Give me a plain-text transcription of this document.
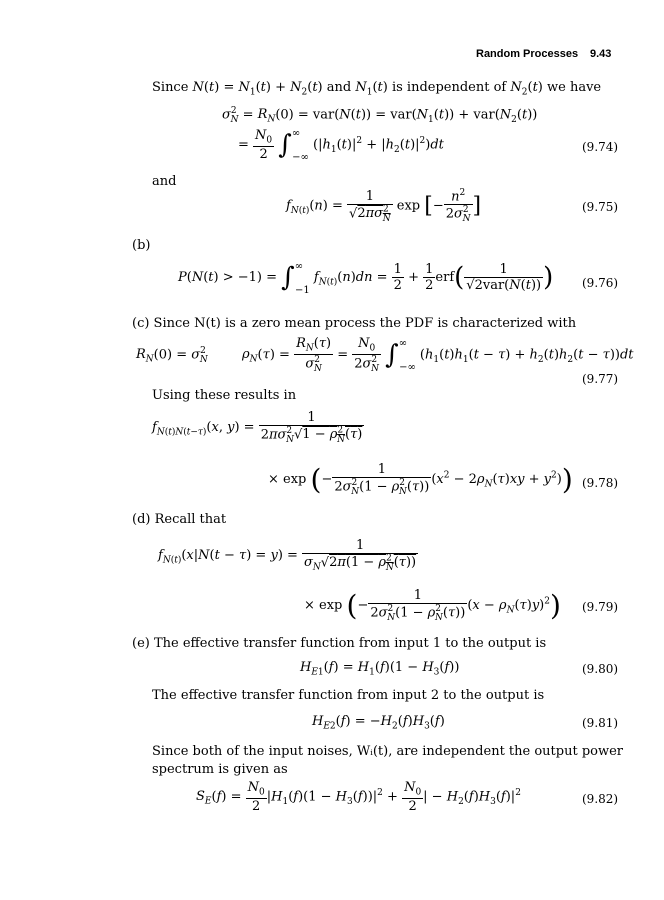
Random Processes 9.43
Since $N(t) = N_1(t) + N_2(t)$ and $N_1(t)$ is independent of $N_2(t)$ we have
$\sigma^2_N = R_N(0) = var(N(t)) = var(N_1(t)) + var(N_2(t))$
= $\frac{N_0}{2} \int^\infty_{-\infty}$ $(|h_1(t)|^2 + |h_2(t)|^2)dt$	(9.74)
and
$f_{N(t)}(n) = \frac{1}{√2\pi\sigma^2_N}$ exp [− $\frac{n^2}{2\sigma^2_N}$ ]	(9.75)
(b)
$P(N(t) > -1) = \int^\infty_{-1}$ $f_{N(t)}(n)dn = \frac{1}{2} + \frac{1}{2} erf( \frac{1}{\text{√2var(N(t))}}$ ) (9.76)
(c) Since N(t) is a zero mean process the PDF is characterized with
$R_N(0) = \sigma^2_N$	$\rho_N(\tau) = \frac{R_N(\tau)}{\sigma^2_N} = \frac{N_0}{2\sigma^2_N} \int^\infty_{-\infty}$ $(h_1(t)h_1(t - \tau) + h_2(t)h_2(t - \tau))dt$
(9.77)
Using these results in
$f_{N(t)N(t-\tau)}(x$, $y) = \frac{1}{2\pi\sigma^2_N√1 - \rho^2_N(\tau)}$
× exp (− $\frac{1}{2\sigma^2_N(1 - \rho^2_N(\tau))} (x^2 - 2\rho_N(\tau)xy + y^2)$) (9.78)
(d) Recall that
$f_{N(t)}(x|N(t - \tau) = y) = \frac{1}{\sigma_N√2\pi(1 - \rho^2_N(\tau))}$
× exp (− $\frac{1}{2\sigma^2_N(1 - \rho^2_N(\tau))} (x - \rho_N(\tau)y)^2$) (9.79)
(e) The effective transfer function from input 1 to the output is
$H_{E1}(f) = H_1(f)(1 - H_3(f))$	(9.80)
The effective transfer function from input 2 to the output is
$H_{E2}(f) = -H_2(f)H_3(f)$	(9.81)
Since both of the input noises, Wᵢ(t), are independent the output power
spectrum is given as
$S_E(f) = \frac{N_0}{2} |H_1(f)(1 - H_3(f))|^2 + \frac{N_0}{2}$ | − $H_2(f)H_3(f)|^2$	(9.82)
